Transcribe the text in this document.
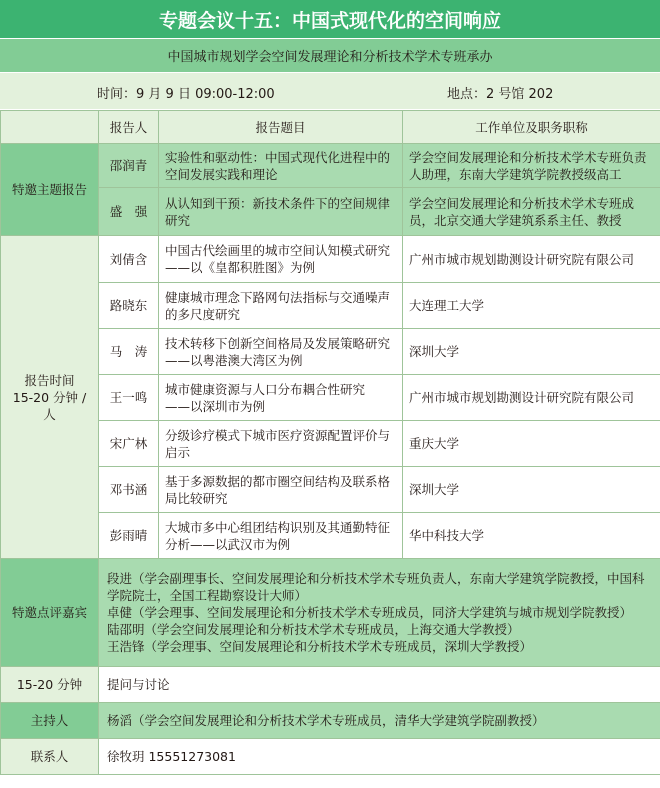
专题会议十五：中国式现代化的空间响应
中国城市规划学会空间发展理论和分析技术学术专班承办
时间：9 月 9 日 09:00-12:00	地点：2 号馆 202
	报告人	报告题目	工作单位及职务职称
特邀主题报告	邵润青	实验性和驱动性：中国式现代化进程中的空间发展实践和理论	学会空间发展理论和分析技术学术专班负责人助理，东南大学建筑学院教授级高工
	盛　强	从认知到干预：新技术条件下的空间规律研究	学会空间发展理论和分析技术学术专班成员，北京交通大学建筑系系主任、教授

报告时间
15-20 分钟 / 人	刘倩含	中国古代绘画里的城市空间认知模式研究
——以《皇都积胜图》为例	广州市城市规划勘测设计研究院有限公司
	路晓东	健康城市理念下路网句法指标与交通噪声的多尺度研究	大连理工大学
	马　涛	技术转移下创新空间格局及发展策略研究
——以粤港澳大湾区为例	深圳大学
	王一鸣	城市健康资源与人口分布耦合性研究
——以深圳市为例	广州市城市规划勘测设计研究院有限公司
	宋广林	分级诊疗模式下城市医疗资源配置评价与启示	重庆大学
	邓书涵	基于多源数据的都市圈空间结构及联系格局比较研究	深圳大学
	彭雨晴	大城市多中心组团结构识别及其通勤特征分析——以武汉市为例	华中科技大学
特邀点评嘉宾	段进（学会副理事长、空间发展理论和分析技术学术专班负责人，东南大学建筑学院教授，中国科学院院士，全国工程勘察设计大师）
卓健（学会理事、空间发展理论和分析技术学术专班成员，同济大学建筑与城市规划学院教授）
陆邵明（学会空间发展理论和分析技术学术专班成员，上海交通大学教授）
王浩锋（学会理事、空间发展理论和分析技术学术专班成员，深圳大学教授）		

15-20 分钟	提问与讨论		
主持人	杨滔（学会空间发展理论和分析技术学术专班成员，清华大学建筑学院副教授）		
联系人	徐牧玥 15551273081		
